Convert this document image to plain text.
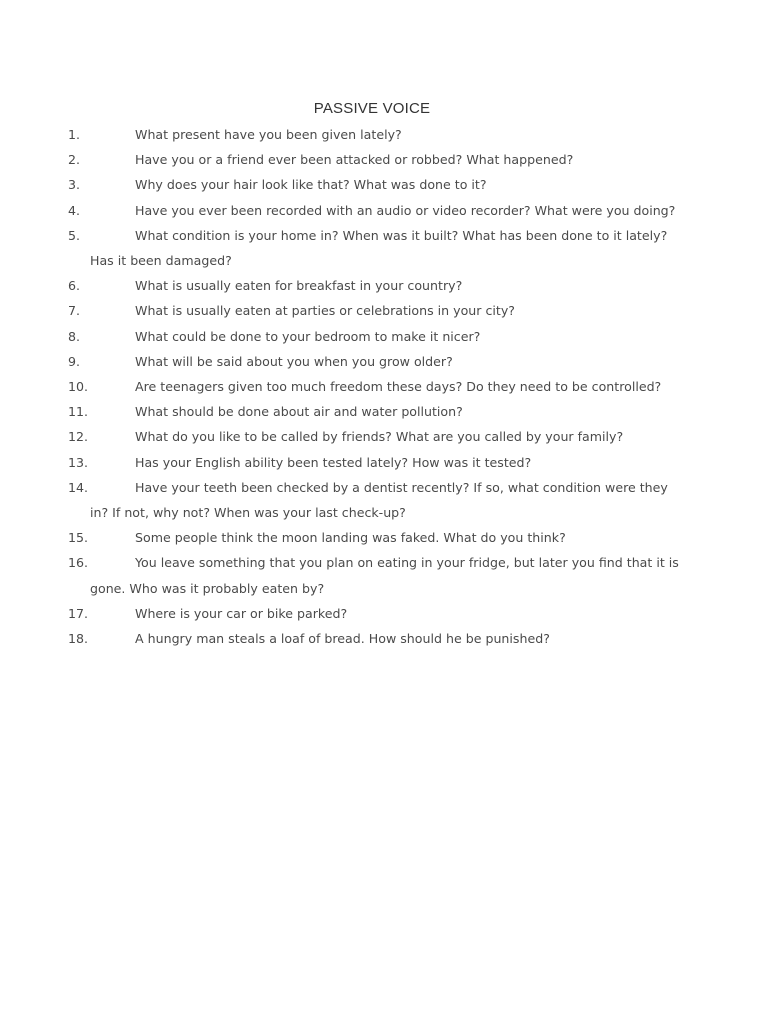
PASSIVE VOICE
1.	What present have you been given lately?
2.	Have you or a friend ever been attacked or robbed? What happened?
3.	Why does your hair look like that? What was done to it?
4.	Have you ever been recorded with an audio or video recorder? What were you doing?
5.	What condition is your home in? When was it built? What has been done to it lately? Has it been damaged?
6.	What is usually eaten for breakfast in your country?
7.	What is usually eaten at parties or celebrations in your city?
8.	What could be done to your bedroom to make it nicer?
9.	What will be said about you when you grow older?
10.	Are teenagers given too much freedom these days? Do they need to be controlled?
11.	What should be done about air and water pollution?
12.	What do you like to be called by friends? What are you called by your family?
13.	Has your English ability been tested lately? How was it tested?
14.	Have your teeth been checked by a dentist recently? If so, what condition were they in? If not, why not? When was your last check-up?
15.	Some people think the moon landing was faked. What do you think?
16.	You leave something that you plan on eating in your fridge, but later you find that it is gone. Who was it probably eaten by?
17.	Where is your car or bike parked?
18.	A hungry man steals a loaf of bread. How should he be punished?
